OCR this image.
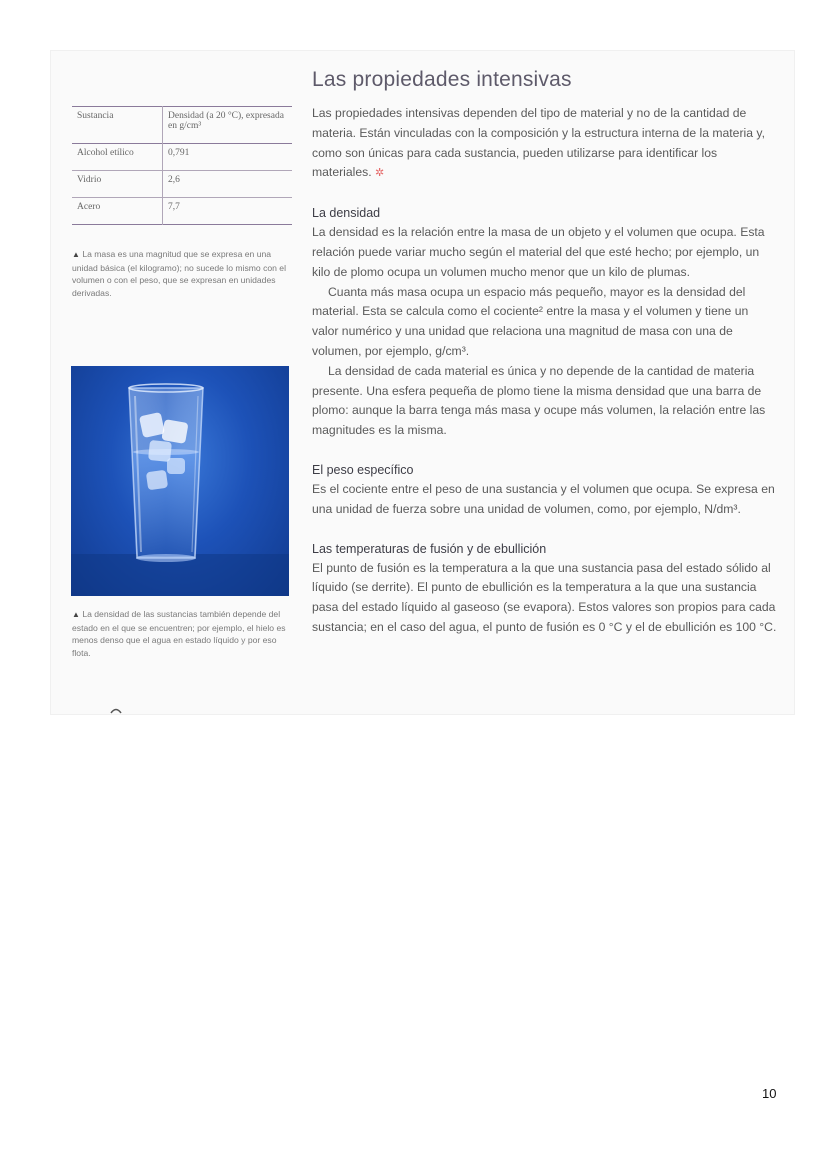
Sustancia	Densidad (a 20 °C), expresada en g/cm³
Alcohol etílico	0,791
Vidrio	2,6
Acero	7,7
▲ La masa es una magnitud que se expresa en una unidad básica (el kilogramo); no sucede lo mismo con el volumen o con el peso, que se expresan en unidades derivadas.
▲ La densidad de las sustancias también depende del estado en el que se encuentren; por ejemplo, el hielo es menos denso que el agua en estado líquido y por eso flota.
Las propiedades intensivas

Las propiedades intensivas dependen del tipo de material y no de la cantidad de materia. Están vinculadas con la composición y la estructura interna de la materia y, como son únicas para cada sustancia, pueden utilizarse para identificar los materiales. ✲

La densidad

La densidad es la relación entre la masa de un objeto y el volumen que ocupa. Esta relación puede variar mucho según el material del que esté hecho; por ejemplo, un kilo de plomo ocupa un volumen mucho menor que un kilo de plumas.

Cuanta más masa ocupa un espacio más pequeño, mayor es la densidad del material. Esta se calcula como el cociente² entre la masa y el volumen y tiene un valor numérico y una unidad que relaciona una magnitud de masa con una de volumen, por ejemplo, g/cm³.

La densidad de cada material es única y no depende de la cantidad de materia presente. Una esfera pequeña de plomo tiene la misma densidad que una barra de plomo: aunque la barra tenga más masa y ocupe más volumen, la relación entre las magnitudes es la misma.

El peso específico

Es el cociente entre el peso de una sustancia y el volumen que ocupa. Se expresa en una unidad de fuerza sobre una unidad de volumen, como, por ejemplo, N/dm³.

Las temperaturas de fusión y de ebullición

El punto de fusión es la temperatura a la que una sustancia pasa del estado sólido al líquido (se derrite). El punto de ebullición es la temperatura a la que una sustancia pasa del estado líquido al gaseoso (se evapora). Estos valores son propios para cada sustancia; en el caso del agua, el punto de fusión es 0 °C y el de ebullición es 100 °C.

10
